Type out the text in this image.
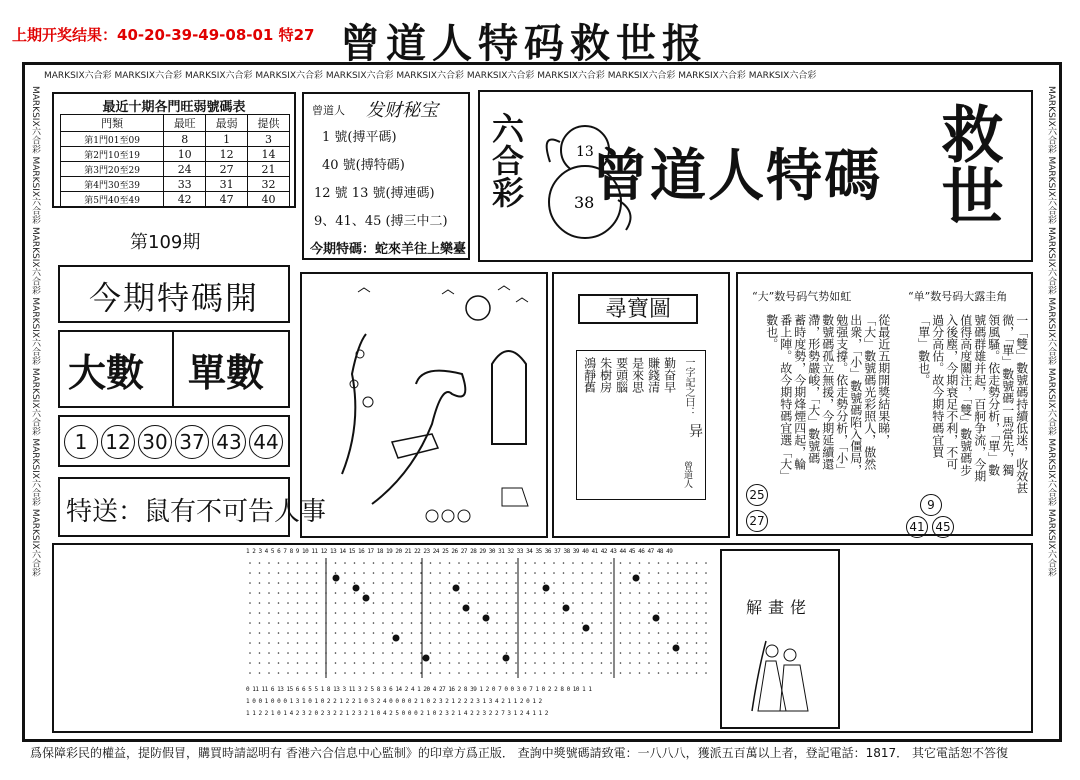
上期开奖结果：40-20-39-49-08-01 特27 曾道人特码救世报
MARKSIX六合彩 MARKSIX六合彩 MARKSIX六合彩 MARKSIX六合彩 MARKSIX六合彩 MARKSIX六合彩 MARKSIX六合彩 MARKSIX六合彩 MARKSIX六合彩 MARKSIX六合彩 MARKSIX六合彩
MARKSIX六合彩 MARKSIX六合彩 MARKSIX六合彩 MARKSIX六合彩 MARKSIX六合彩 MARKSIX六合彩 MARKSIX六合彩	MARKSIX六合彩 MARKSIX六合彩 MARKSIX六合彩 MARKSIX六合彩 MARKSIX六合彩 MARKSIX六合彩 MARKSIX六合彩
最近十期各門旺弱號碼表
門類	最旺	最弱	提供
第1門01至09	8	1	3
第2門10至19	10	12	14
第3門20至29	24	27	21
第4門30至39	33	31	32
第5門40至49	42	47	40
第109期
曾道人 发财秘宝
1 號(搏平碼)
40 號(搏特碼)
12 號 13 號(搏連碼)
9、41、45 (搏三中二)
今期特碼：蛇來羊往上樂臺
六合彩	13
38
曾道人特碼 救世
今期特碼開
大數 單數
1 12 30 37 43 44
特送：鼠有不可告人事
尋寶圖
勤奋早
賺錢清
是來思
要頭腦
朱樹房
鴻靜舊	一字記之曰：
异
曾道人
“大”数号码气势如虹	“单”数号码大露圭角
從最近五期開獎結果睇，
「大」數號碼光彩照人，傲然
出衆，「小」數號碼陷入僵局，
勉强支撐。依走勢分析，「小」
數號碼孤立無援，今期延續還
滯，形勢嚴峻，「大」數號碼
蓄時度勢，今期烽煙四起，輪
番上陣。故今期特碼宜選「大」
數也。	一「雙」數號碼持續低迷，收效甚
微，「單」數號碼一馬當先，獨
領風騷。依走勢分析，「單」數
號碼群雄并起，百舸争流，今期
值得高度關注，「雙」數號碼步
入後塵，今期衰足不利，不可
過分高估。故今期特碼宜買
「單」數也。
25
27
9
41 45
1 2 3 4 5 6 7 8 9 10 11 12 13 14 15 16 17 18 19 20 21 22 23 24 25 26 27 28 29 30 31 32 33 34 35 36 37 38 39 40 41 42 43 44 45 46 47 48 49
0 11 11 6 13 15 6 6 5 5 1 8 13 3 11 3 2 5 8 3 6 14 2 4 1 20 4 27 16 2 8 39 1 2 0 7 0 0 3 0 7 1 0 2 2 8 0 10 1 1
1 0 0 1 0 0 0 1 3 1 0 1 0 2 2 1 2 2 1 0 3 2 4 0 0 0 0 2 1 0 2 3 2 1 2 2 2 3 1 3 4 2 1 1 2 0 1 2
1 1 2 2 1 0 1 4 2 3 2 0 2 3 2 2 1 2 3 2 1 0 4 2 5 0 0 0 2 1 0 2 3 2 1 4 2 2 3 2 2 7 3 1 2 4 1 1 2
解畫佬
爲保障彩民的權益，提防假冒，購買時請認明有 香港六合信息中心監制》的印章方爲正版． 查詢中獎號碼請致電：一八八八，獲派五百萬以上者，登記電話：1817． 其它電話恕不答復
